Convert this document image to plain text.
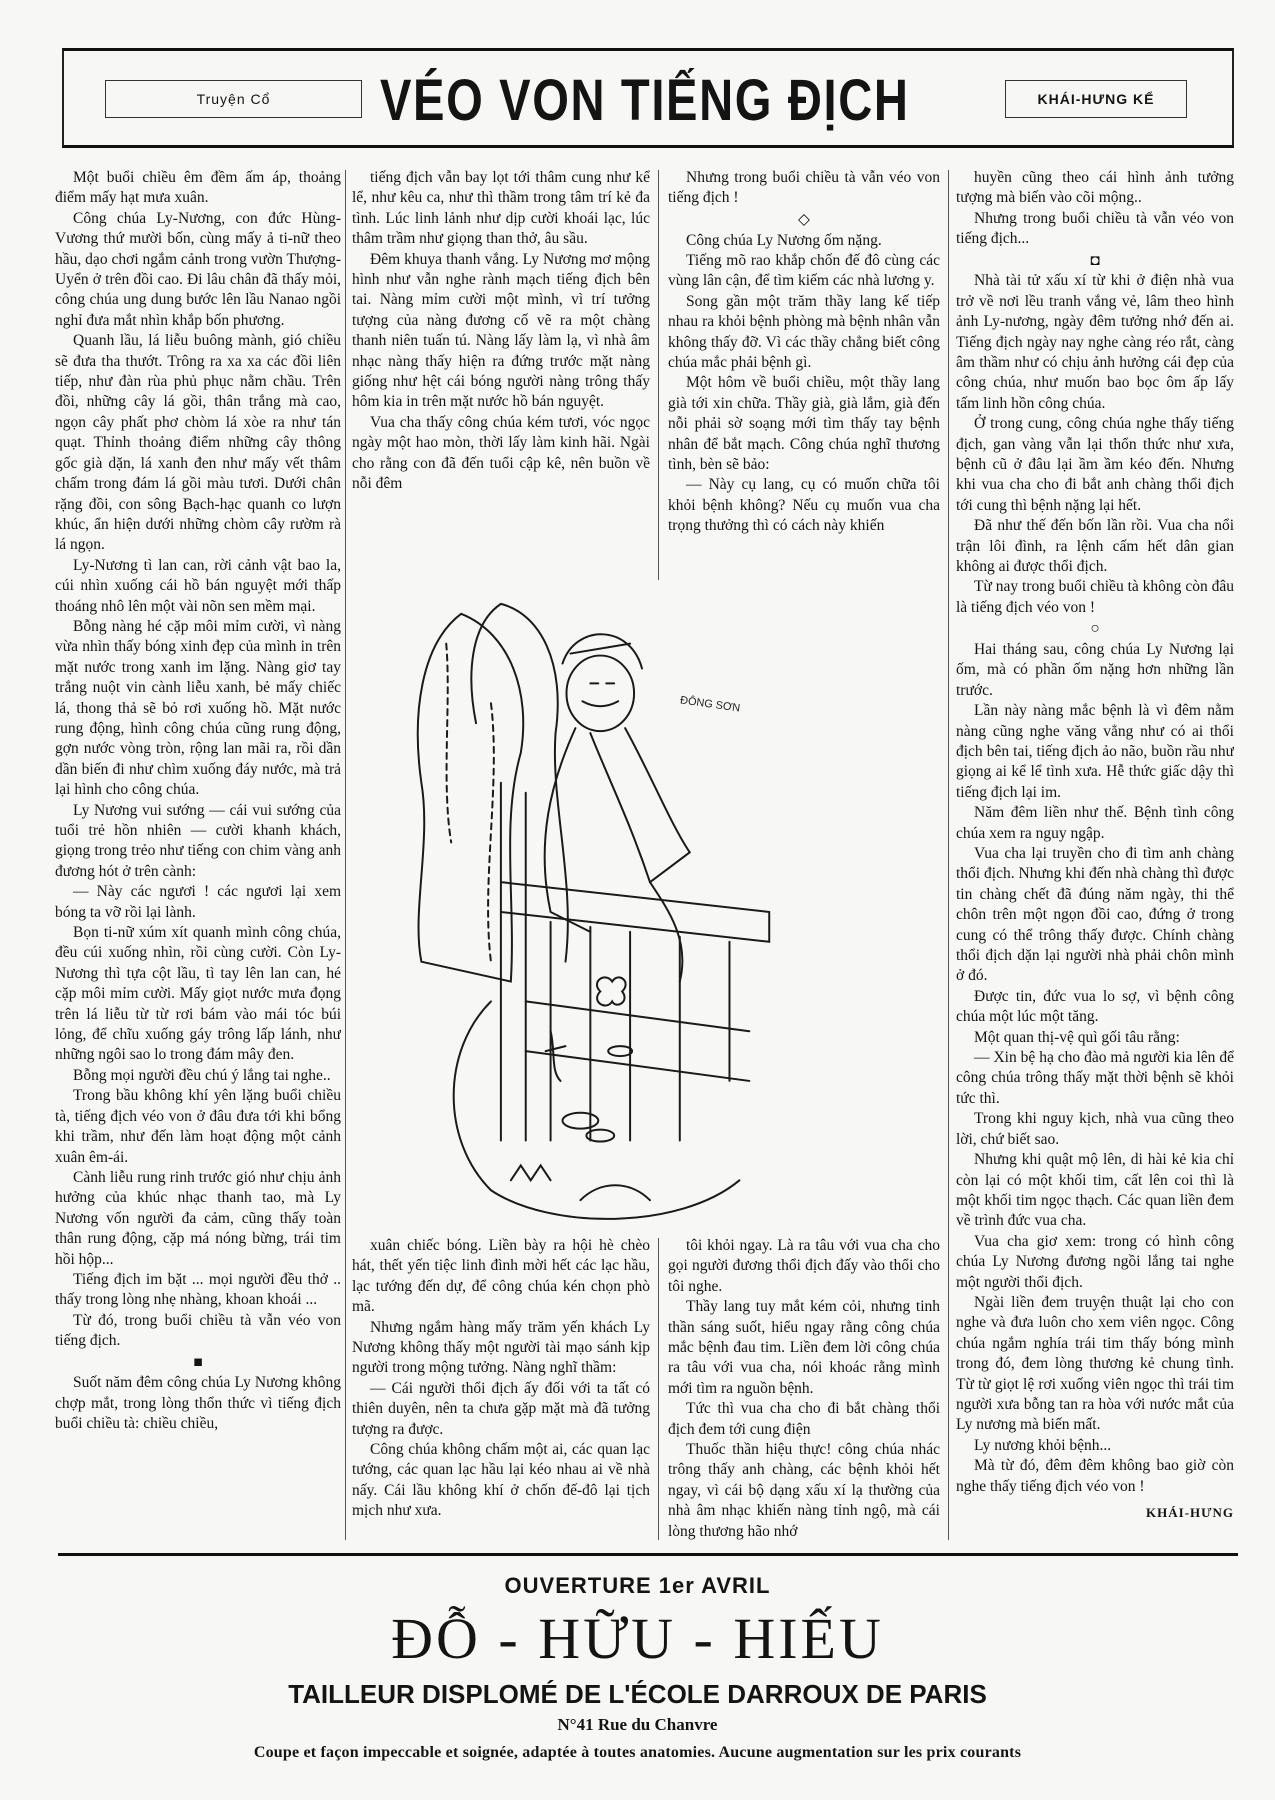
Truyện Cổ	VÉO VON TIẾNG ĐỊCH	KHÁI-HƯNG KỂ

Một buổi chiều êm đềm ấm áp, thoảng điểm mấy hạt mưa xuân.

Công chúa Ly-Nương, con đức Hùng-Vương thứ mười bốn, cùng mấy ả ti-nữ theo hầu, dạo chơi ngắm cảnh trong vườn Thượng-Uyển ở trên đồi cao. Đi lâu chân đã thấy mỏi, công chúa ung dung bước lên lầu Nanao ngồi nghỉ đưa mắt nhìn khắp bốn phương.

Quanh lầu, lá liễu buông mành, gió chiều sẽ đưa tha thướt. Trông ra xa xa các đồi liên tiếp, như đàn rùa phủ phục nằm chầu. Trên đồi, những cây lá gồi, thân trắng mà cao, ngọn cây phất phơ chòm lá xòe ra như tán quạt. Thỉnh thoảng điểm những cây thông gốc già dặn, lá xanh đen như mấy vết thâm chấm trong đám lá gồi màu tươi. Dưới chân rặng đồi, con sông Bạch-hạc quanh co lượn khúc, ẩn hiện dưới những chòm cây rườm rà lá ngọn.

Ly-Nương tì lan can, rời cảnh vật bao la, cúi nhìn xuống cái hồ bán nguyệt mới thấp thoáng nhô lên một vài nõn sen mềm mại.

Bỗng nàng hé cặp môi mỉm cười, vì nàng vừa nhìn thấy bóng xinh đẹp của mình in trên mặt nước trong xanh im lặng. Nàng giơ tay trắng nuột vin cành liễu xanh, bẻ mấy chiếc lá, thong thả sẽ bỏ rơi xuống hồ. Mặt nước rung động, hình công chúa cũng rung động, gợn nước vòng tròn, rộng lan mãi ra, rồi dần dần biến đi như chìm xuống đáy nước, mà trả lại hình cho công chúa.

Ly Nương vui sướng — cái vui sướng của tuổi trẻ hồn nhiên — cười khanh khách, giọng trong trẻo như tiếng con chim vàng anh đương hót ở trên cành:

— Này các ngươi ! các ngươi lại xem bóng ta vỡ rồi lại lành.

Bọn ti-nữ xúm xít quanh mình công chúa, đều cúi xuống nhìn, rồi cùng cười. Còn Ly-Nương thì tựa cột lầu, tì tay lên lan can, hé cặp môi mỉm cười. Mấy giọt nước mưa đọng trên lá liễu từ từ rơi bám vào mái tóc búi lỏng, để chĩu xuống gáy trông lấp lánh, như những ngôi sao lo trong đám mây đen.

Bỗng mọi người đều chú ý lắng tai nghe..

Trong bầu không khí yên lặng buổi chiều tà, tiếng địch véo von ở đâu đưa tới khi bổng khi trầm, như đến làm hoạt động một cảnh xuân êm-ái.

Cành liễu rung rinh trước gió như chịu ảnh hưởng của khúc nhạc thanh tao, mà Ly Nương vốn người đa cảm, cũng thấy toàn thân rung động, cặp má nóng bừng, trái tim hồi hộp...

Tiếng địch im bặt ... mọi người đều thở .. thấy trong lòng nhẹ nhàng, khoan khoái ...

Từ đó, trong buổi chiều tà vẫn véo von tiếng địch.

■

Suốt năm đêm công chúa Ly Nương không chợp mắt, trong lòng thổn thức vì tiếng địch buổi chiều tà: chiều chiều,

tiếng địch vẫn bay lọt tới thâm cung như kể lể, như kêu ca, như thì thầm trong tâm trí kẻ đa tình. Lúc linh lảnh như dịp cười khoái lạc, lúc thâm trầm như giọng than thở, âu sầu.

Đêm khuya thanh vắng. Ly Nương mơ mộng hình như vẫn nghe rành mạch tiếng địch bên tai. Nàng mỉm cười một mình, vì trí tưởng tượng của nàng đương cố vẽ ra một chàng thanh niên tuấn tú. Nàng lấy làm lạ, vì nhà âm nhạc nàng thấy hiện ra đứng trước mặt nàng giống như hệt cái bóng người nàng trông thấy hôm kia in trên mặt nước hồ bán nguyệt.

Vua cha thấy công chúa kém tươi, vóc ngọc ngày một hao mòn, thời lấy làm kinh hãi. Ngài cho rằng con đã đến tuổi cập kê, nên buồn về nỗi đêm

Nhưng trong buổi chiều tà vẫn véo von tiếng địch !

◇

Công chúa Ly Nương ốm nặng.

Tiếng mõ rao khắp chốn đế đô cùng các vùng lân cận, để tìm kiếm các nhà lương y.

Song gần một trăm thầy lang kế tiếp nhau ra khỏi bệnh phòng mà bệnh nhân vẫn không thấy đỡ. Vì các thầy chẳng biết công chúa mắc phải bệnh gì.

Một hôm về buổi chiều, một thầy lang già tới xin chữa. Thầy già, già lắm, già đến nỗi phải sờ soạng mới tìm thấy tay bệnh nhân để bắt mạch. Công chúa nghĩ thương tình, bèn sẽ bảo:

— Này cụ lang, cụ có muốn chữa tôi khỏi bệnh không? Nếu cụ muốn vua cha trọng thưởng thì có cách này khiến

huyền cũng theo cái hình ảnh tưởng tượng mà biến vào cõi mộng..

Nhưng trong buổi chiều tà vẫn véo von tiếng địch...

◘

Nhà tài tử xấu xí từ khi ở điện nhà vua trở về nơi lều tranh vắng vẻ, lâm theo hình ảnh Ly-nương, ngày đêm tưởng nhớ đến ai. Tiếng địch ngày nay nghe càng réo rắt, càng âm thầm như có chịu ảnh hưởng cái đẹp của công chúa, như muốn bao bọc ôm ấp lấy tấm linh hồn công chúa.

Ở trong cung, công chúa nghe thấy tiếng địch, gan vàng vẫn lại thổn thức như xưa, bệnh cũ ở đâu lại ầm ầm kéo đến. Nhưng khi vua cha cho đi bắt anh chàng thổi địch tới cung thì bệnh nặng lại hết.

Đã như thế đến bốn lần rồi. Vua cha nổi trận lôi đình, ra lệnh cấm hết dân gian không ai được thổi địch.

Từ nay trong buổi chiều tà không còn đâu là tiếng địch véo von !

○

Hai tháng sau, công chúa Ly Nương lại ốm, mà có phần ốm nặng hơn những lần trước.

Lần này nàng mắc bệnh là vì đêm nằm nàng cũng nghe văng vẳng như có ai thổi địch bên tai, tiếng địch ảo não, buồn rầu như giọng ai kể lể tình xưa. Hễ thức giấc dậy thì tiếng địch lại im.

Năm đêm liền như thế. Bệnh tình công chúa xem ra nguy ngập.

Vua cha lại truyền cho đi tìm anh chàng thổi địch. Nhưng khi đến nhà chàng thì được tin chàng chết đã đúng năm ngày, thi thể chôn trên một ngọn đồi cao, đứng ở trong cung có thể trông thấy được. Chính chàng thổi địch dặn lại người nhà phải chôn mình ở đó.

Được tin, đức vua lo sợ, vì bệnh công chúa một lúc một tăng.

Một quan thị-vệ quì gối tâu rằng:

— Xin bệ hạ cho đào mả người kia lên để công chúa trông thấy mặt thời bệnh sẽ khỏi tức thì.

Trong khi nguy kịch, nhà vua cũng theo lời, chứ biết sao.

Nhưng khi quật mộ lên, di hài kẻ kia chỉ còn lại có một khối tim, cất lên coi thì là một khối tim ngọc thạch. Các quan liền đem về trình đức vua cha.

Vua cha giơ xem: trong có hình công chúa Ly Nương đương ngồi lắng tai nghe một người thổi địch.

Ngài liền đem truyện thuật lại cho con nghe và đưa luôn cho xem viên ngọc. Công chúa ngắm nghía trái tim thấy bóng mình trong đó, đem lòng thương kẻ chung tình. Từ từ giọt lệ rơi xuống viên ngọc thì trái tim người xưa bỗng tan ra hòa với nước mắt của Ly nương mà biến mất.

Ly nương khỏi bệnh...

Mà từ đó, đêm đêm không bao giờ còn nghe thấy tiếng địch véo von !

KHÁI-HƯNG

xuân chiếc bóng. Liền bày ra hội hè chèo hát, thết yến tiệc linh đình mời hết các lạc hầu, lạc tướng đến dự, để công chúa kén chọn phò mã.

Nhưng ngắm hàng mấy trăm yến khách Ly Nương không thấy một người tài mạo sánh kịp người trong mộng tưởng. Nàng nghĩ thầm:

— Cái người thổi địch ấy đối với ta tất có thiên duyên, nên ta chưa gặp mặt mà đã tưởng tượng ra được.

Công chúa không chấm một ai, các quan lạc tướng, các quan lạc hầu lại kéo nhau ai về nhà nấy. Cái lầu không khí ở chốn đế-đô lại tịch mịch như xưa.

tôi khỏi ngay. Là ra tâu với vua cha cho gọi người đương thổi địch đấy vào thổi cho tôi nghe.

Thầy lang tuy mắt kém cỏi, nhưng tinh thần sáng suốt, hiểu ngay rằng công chúa mắc bệnh đau tim. Liền đem lời công chúa ra tâu với vua cha, nói khoác rằng mình mới tìm ra nguồn bệnh.

Tức thì vua cha cho đi bắt chàng thổi địch đem tới cung điện

Thuốc thần hiệu thực! công chúa nhác trông thấy anh chàng, các bệnh khỏi hết ngay, vì cái bộ dạng xấu xí lạ thường của nhà âm nhạc khiến nàng tỉnh ngộ, mà cái lòng thương hão nhớ

ĐÔNG SƠN
OUVERTURE 1er AVRIL
ĐỖ - HỮU - HIẾU
TAILLEUR DISPLOMÉ DE L'ÉCOLE DARROUX DE PARIS
N°41 Rue du Chanvre
Coupe et façon impeccable et soignée, adaptée à toutes anatomies. Aucune augmentation sur les prix courants
